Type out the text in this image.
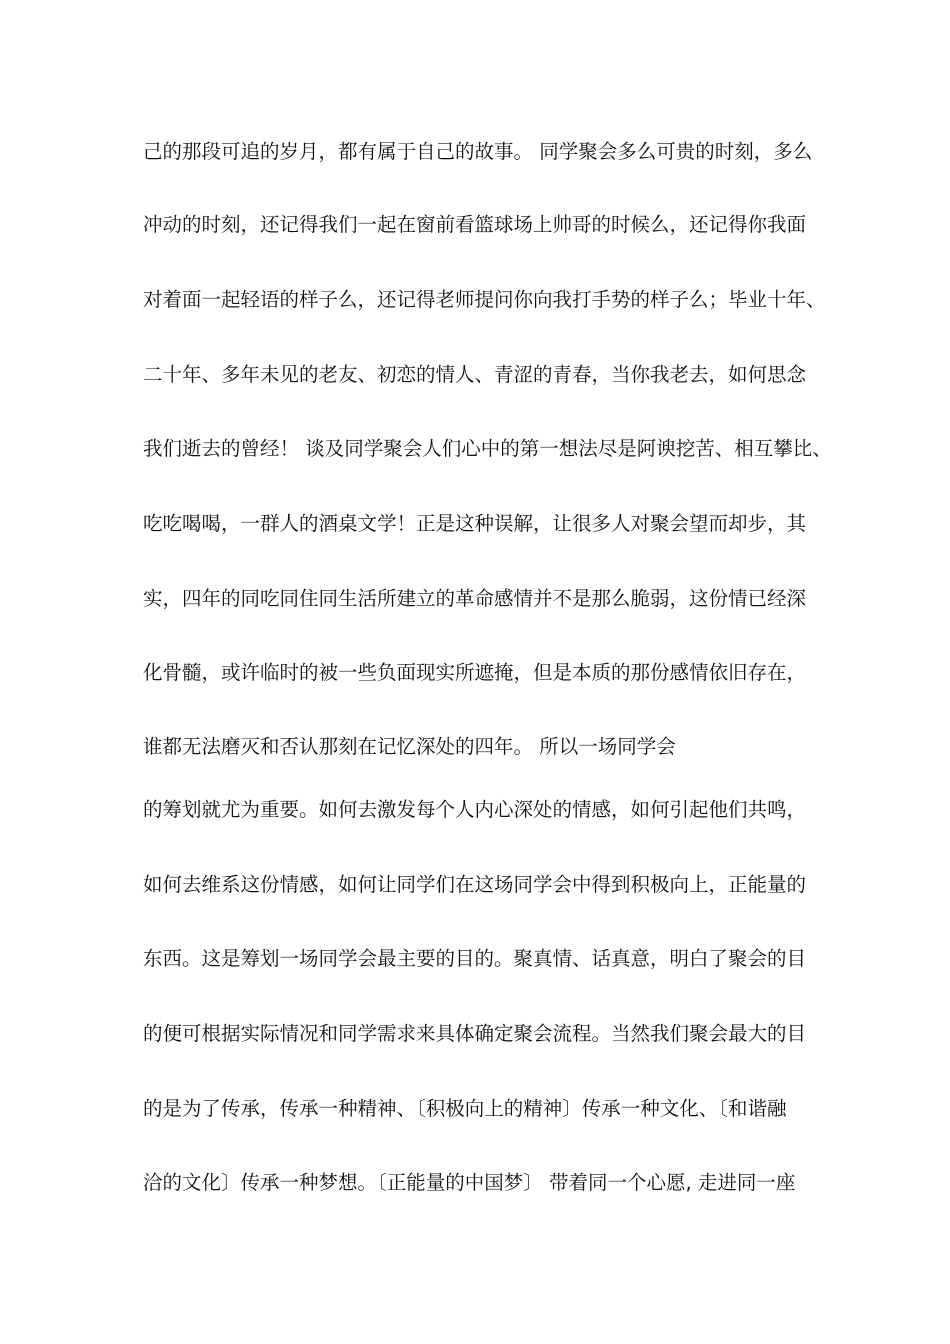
己的那段可追的岁月，都有属于自己的故事。 同学聚会多么可贵的时刻，多么
冲动的时刻，还记得我们一起在窗前看篮球场上帅哥的时候么，还记得你我面
对着面一起轻语的样子么，还记得老师提问你向我打手势的样子么；毕业十年、
二十年、多年未见的老友、初恋的情人、青涩的青春，当你我老去，如何思念
我们逝去的曾经！ 谈及同学聚会人们心中的第一想法尽是阿谀挖苦、相互攀比、
吃吃喝喝，一群人的酒桌文学！正是这种误解，让很多人对聚会望而却步，其
实，四年的同吃同住同生活所建立的革命感情并不是那么脆弱，这份情已经深
化骨髓，或许临时的被一些负面现实所遮掩，但是本质的那份感情依旧存在，
谁都无法磨灭和否认那刻在记忆深处的四年。 所以一场同学会
的筹划就尤为重要。如何去激发每个人内心深处的情感，如何引起他们共鸣，
如何去维系这份情感，如何让同学们在这场同学会中得到积极向上，正能量的
东西。这是筹划一场同学会最主要的目的。聚真情、话真意，明白了聚会的目
的便可根据实际情况和同学需求来具体确定聚会流程。当然我们聚会最大的目
的是为了传承，传承一种精神、〔积极向上的精神〕传承一种文化、〔和谐融
洽的文化〕传承一种梦想。〔正能量的中国梦〕 带着同一个心愿, 走进同一座
